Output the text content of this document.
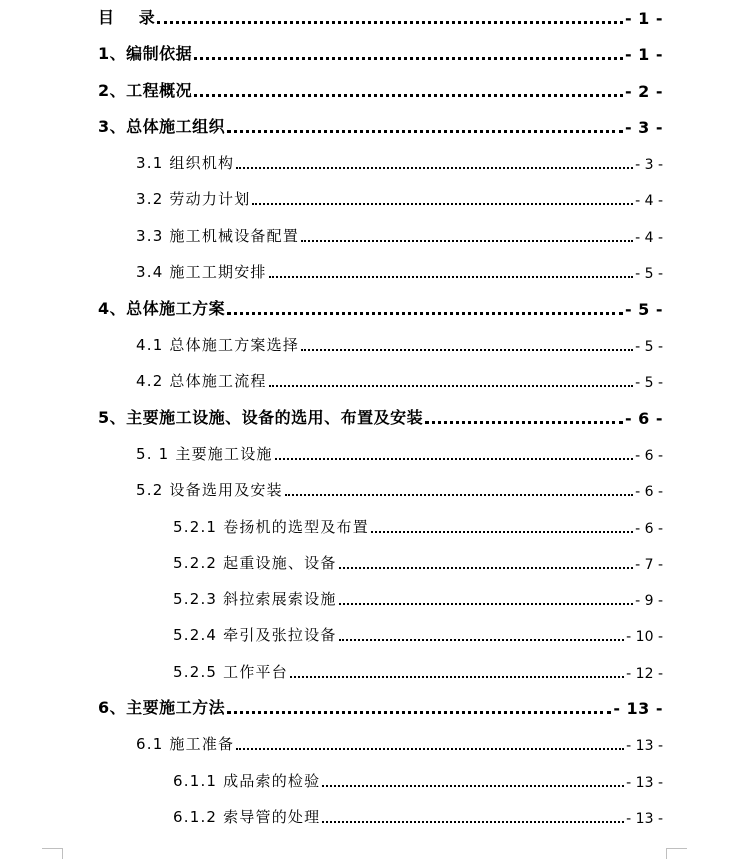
目    录	- 1 -
1、编制依据	- 1 -
2、工程概况	- 2 -
3、总体施工组织	- 3 -
3.1 组织机构	- 3 -
3.2 劳动力计划	- 4 -
3.3 施工机械设备配置	- 4 -
3.4 施工工期安排	- 5 -
4、总体施工方案	- 5 -
4.1 总体施工方案选择	- 5 -
4.2 总体施工流程	- 5 -
5、主要施工设施、设备的选用、布置及安装	- 6 -
5. 1 主要施工设施	- 6 -
5.2 设备选用及安装	- 6 -
5.2.1 卷扬机的选型及布置	- 6 -
5.2.2 起重设施、设备	- 7 -
5.2.3 斜拉索展索设施	- 9 -
5.2.4 牵引及张拉设备	- 10 -
5.2.5 工作平台	- 12 -
6、主要施工方法	- 13 -
6.1 施工准备	- 13 -
6.1.1 成品索的检验	- 13 -
6.1.2 索导管的处理	- 13 -
